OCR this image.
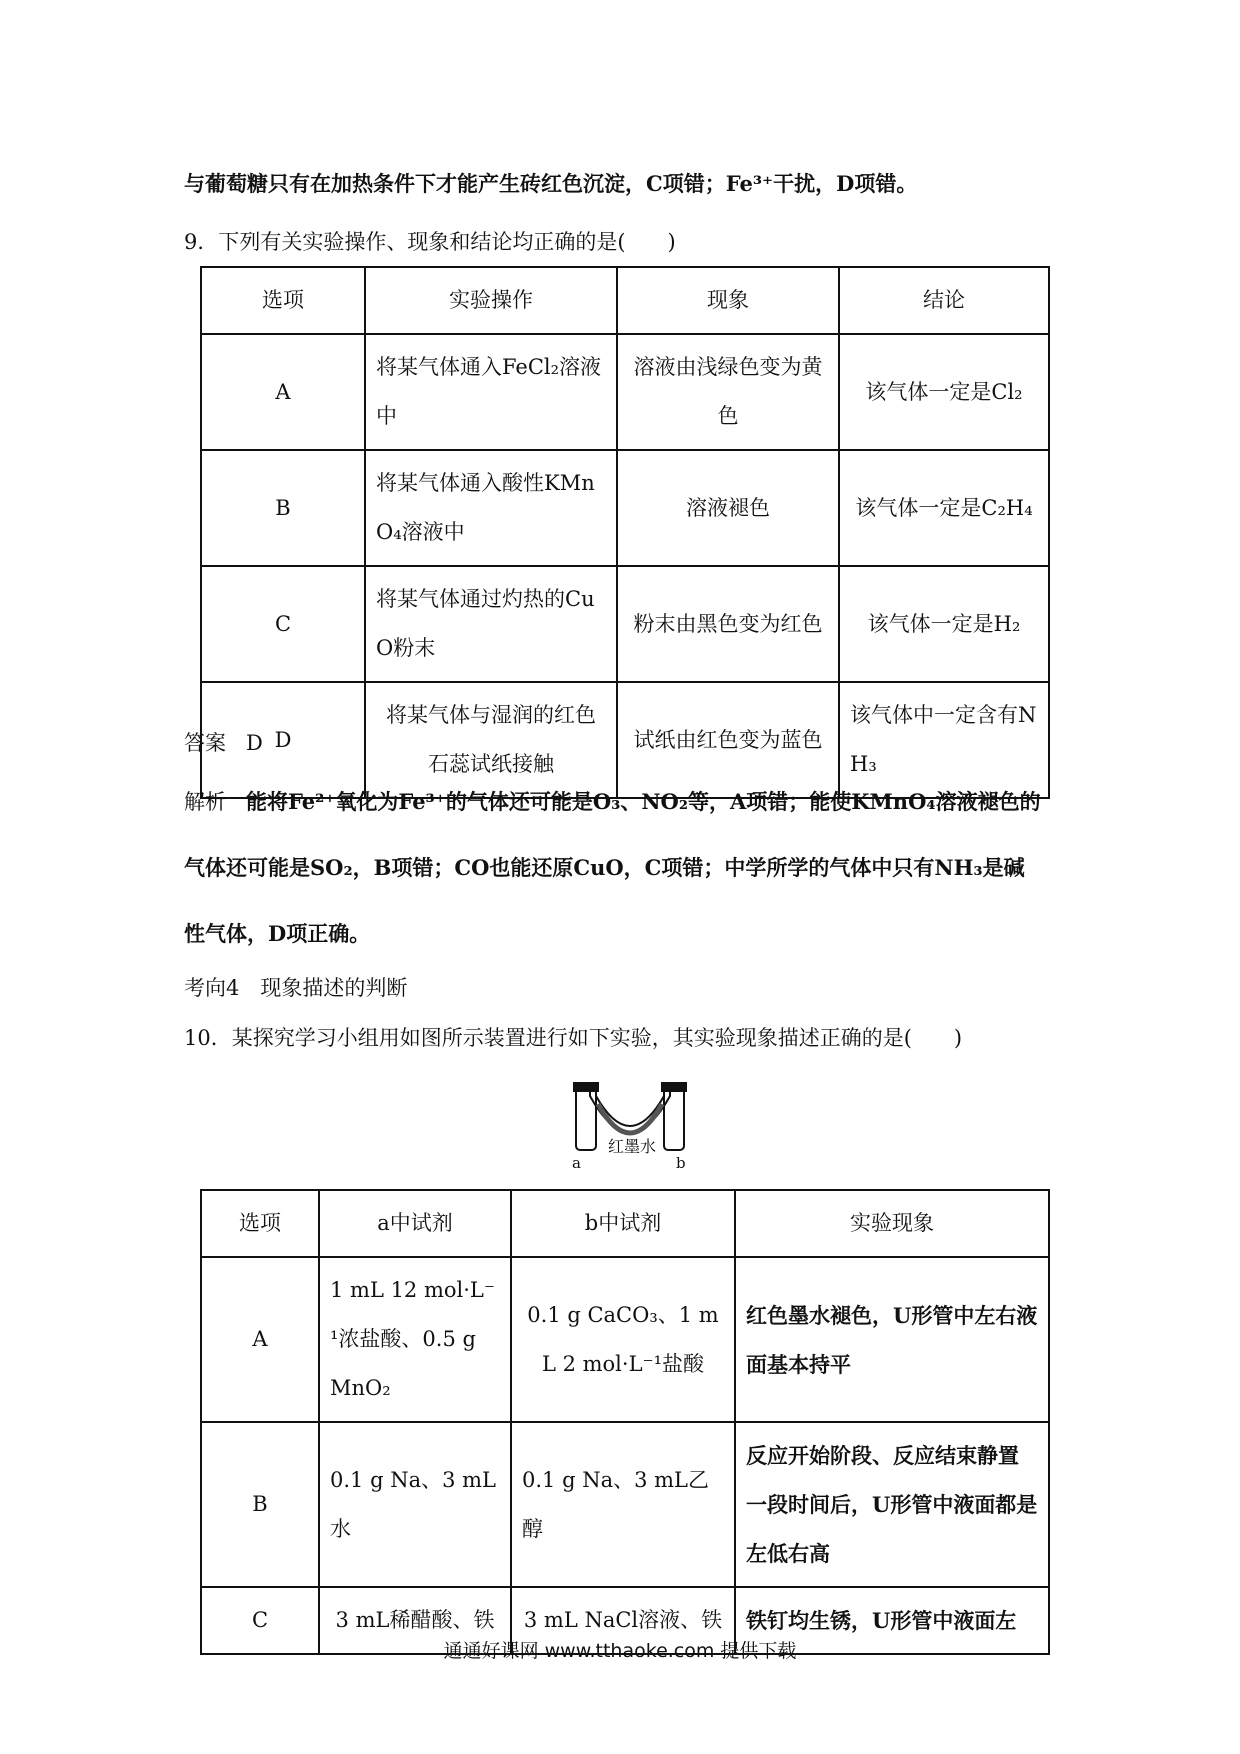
与葡萄糖只有在加热条件下才能产生砖红色沉淀，C项错；Fe³⁺干扰，D项错。

9．下列有关实验操作、现象和结论均正确的是(　　)

选项	实验操作	现象	结论
A	将某气体通入FeCl₂溶液中	溶液由浅绿色变为黄色	该气体一定是Cl₂
B	将某气体通入酸性KMnO₄溶液中	溶液褪色	该气体一定是C₂H₄
C	将某气体通过灼热的CuO粉末	粉末由黑色变为红色	该气体一定是H₂
D	将某气体与湿润的红色石蕊试纸接触	试纸由红色变为蓝色	该气体中一定含有NH₃

答案 D

解析 能将Fe²⁺氧化为Fe³⁺的气体还可能是O₃、NO₂等，A项错；能使KMnO₄溶液褪色的

气体还可能是SO₂，B项错；CO也能还原CuO，C项错；中学所学的气体中只有NH₃是碱

性气体，D项正确。

考向4　现象描述的判断

10．某探究学习小组用如图所示装置进行如下实验，其实验现象描述正确的是(　　)

红墨水
a	b
选项	a中试剂	b中试剂	实验现象
A	1 mL 12 mol·L⁻¹浓盐酸、0.5 g MnO₂	0.1 g CaCO₃、1 mL 2 mol·L⁻¹盐酸	红色墨水褪色，U形管中左右液面基本持平
B	0.1 g Na、3 mL水	0.1 g Na、3 mL乙醇	反应开始阶段、反应结束静置一段时间后，U形管中液面都是左低右高
C	3 mL稀醋酸、铁	3 mL NaCl溶液、铁	铁钉均生锈，U形管中液面左
通通好课网 www.tthaoke.com 提供下载
